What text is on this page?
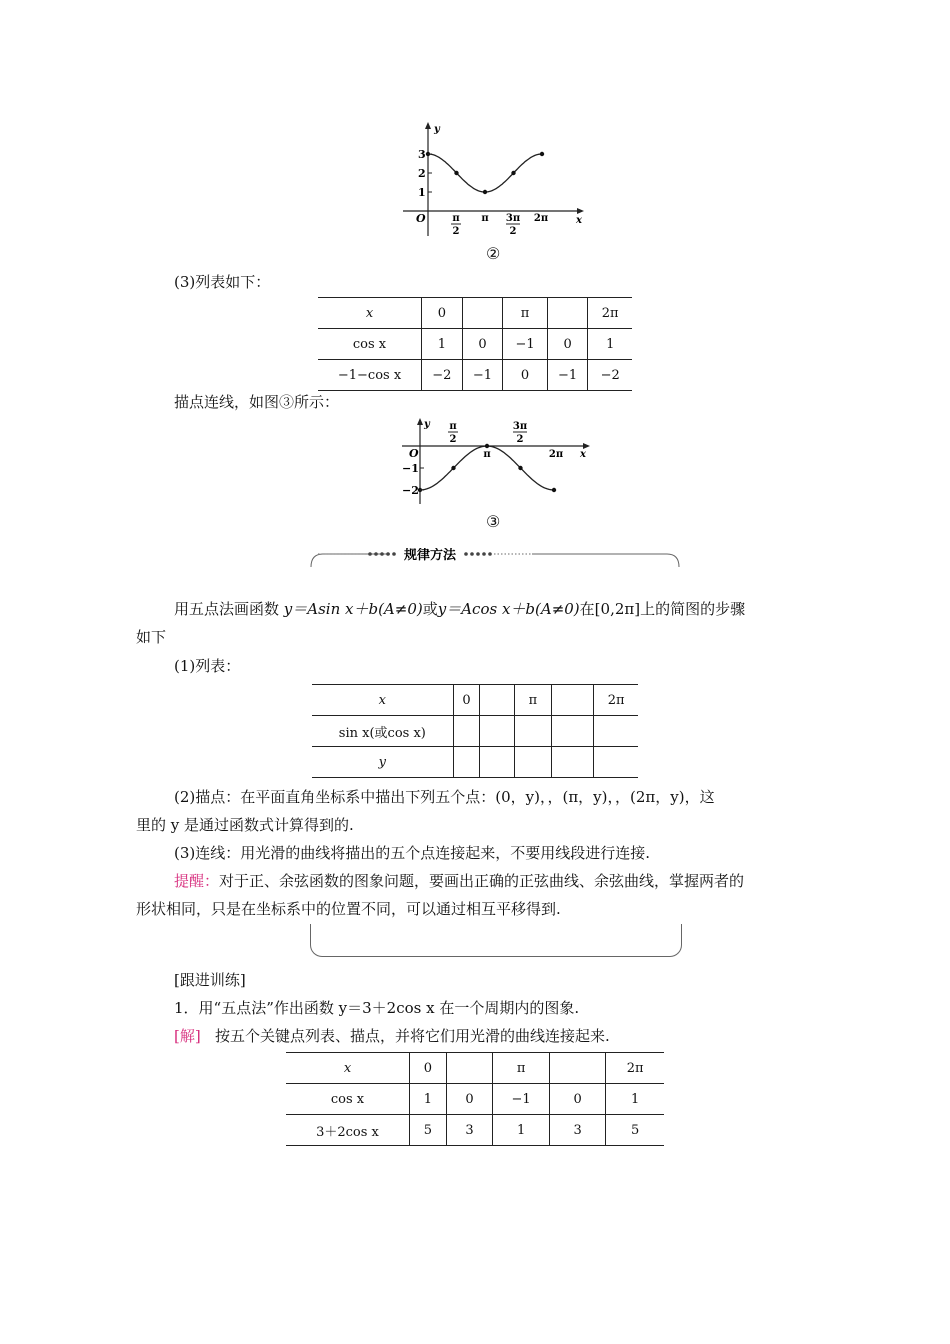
y
x
O
3
2
1
π
2
π 3π
2
2π
②
(3)列表如下：
x	0		π		2π
cos x	1	0	−1	0	1
−1−cos x	−2	−1	0	−1	−2
描点连线，如图③所示：
y
x
O
−1
−2
π
2
π
3π
2
2π
③
规律方法
用五点法画函数 y＝Asin x＋b(A≠0)或y＝Acos x＋b(A≠0)在[0,2π]上的简图的步骤
如下
(1)列表：
x	0		π		2π
sin x(或cos x)					
y					
(2)描点：在平面直角坐标系中描出下列五个点：(0，y)，，(π，y)，，(2π，y)，这
里的 y 是通过函数式计算得到的.
(3)连线：用光滑的曲线将描出的五个点连接起来，不要用线段进行连接.
提醒：对于正、余弦函数的图象问题，要画出正确的正弦曲线、余弦曲线，掌握两者的
形状相同，只是在坐标系中的位置不同，可以通过相互平移得到.
[跟进训练]
1．用“五点法”作出函数 y＝3＋2cos x 在一个周期内的图象.
[解] 按五个关键点列表、描点，并将它们用光滑的曲线连接起来.
x	0		π		2π
cos x	1	0	−1	0	1
3＋2cos x	5	3	1	3	5
